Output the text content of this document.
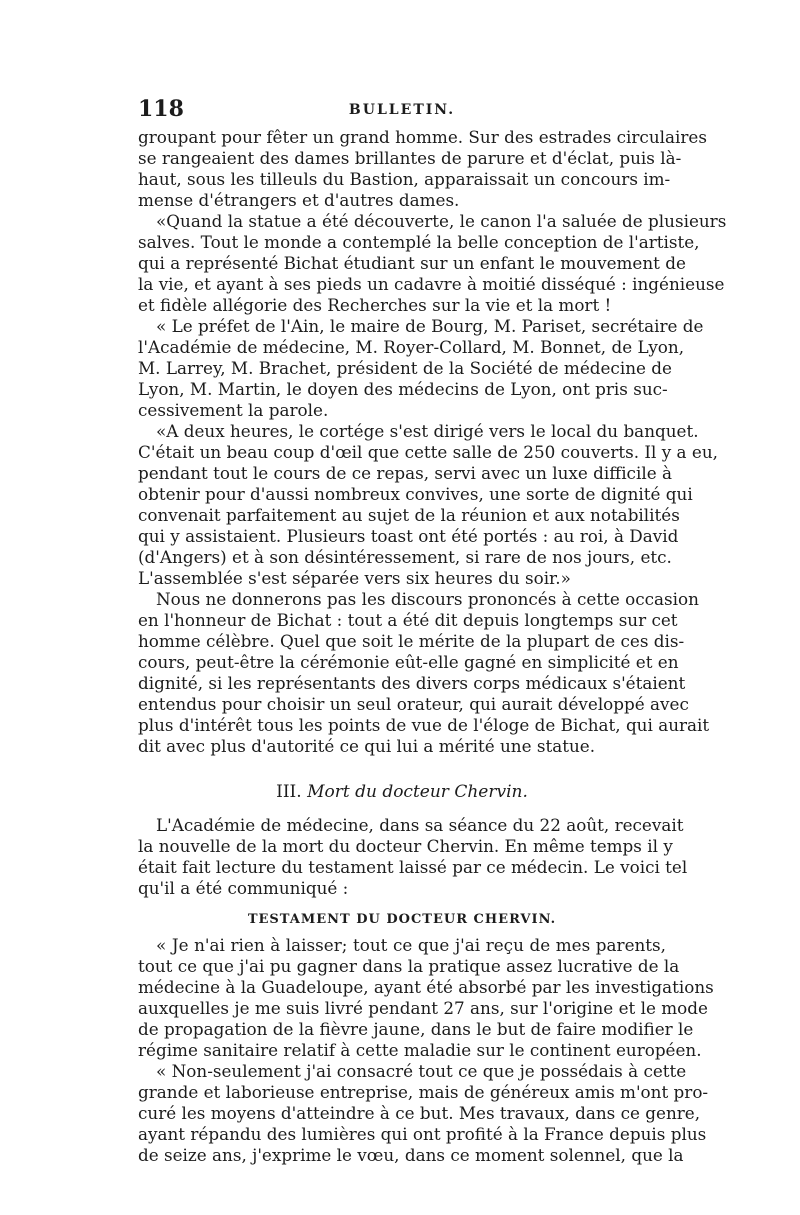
118	BULLETIN.
groupant pour fêter un grand homme. Sur des estrades circulaires
se rangeaient des dames brillantes de parure et d'éclat, puis là-
haut, sous les tilleuls du Bastion, apparaissait un concours im-
mense d'étrangers et d'autres dames.
«Quand la statue a été découverte, le canon l'a saluée de plusieurs
salves. Tout le monde a contemplé la belle conception de l'artiste,
qui a représenté Bichat étudiant sur un enfant le mouvement de
la vie, et ayant à ses pieds un cadavre à moitié disséqué : ingénieuse
et fidèle allégorie des Recherches sur la vie et la mort !
« Le préfet de l'Ain, le maire de Bourg, M. Pariset, secrétaire de
l'Académie de médecine, M. Royer-Collard, M. Bonnet, de Lyon,
M. Larrey, M. Brachet, président de la Société de médecine de
Lyon, M. Martin, le doyen des médecins de Lyon, ont pris suc-
cessivement la parole.
«A deux heures, le cortége s'est dirigé vers le local du banquet.
C'était un beau coup d'œil que cette salle de 250 couverts. Il y a eu,
pendant tout le cours de ce repas, servi avec un luxe difficile à
obtenir pour d'aussi nombreux convives, une sorte de dignité qui
convenait parfaitement au sujet de la réunion et aux notabilités
qui y assistaient. Plusieurs toast ont été portés : au roi, à David
(d'Angers) et à son désintéressement, si rare de nos jours, etc.
L'assemblée s'est séparée vers six heures du soir.»
Nous ne donnerons pas les discours prononcés à cette occasion
en l'honneur de Bichat : tout a été dit depuis longtemps sur cet
homme célèbre. Quel que soit le mérite de la plupart de ces dis-
cours, peut-être la cérémonie eût-elle gagné en simplicité et en
dignité, si les représentants des divers corps médicaux s'étaient
entendus pour choisir un seul orateur, qui aurait développé avec
plus d'intérêt tous les points de vue de l'éloge de Bichat, qui aurait
dit avec plus d'autorité ce qui lui a mérité une statue.
III. Mort du docteur Chervin.
L'Académie de médecine, dans sa séance du 22 août, recevait
la nouvelle de la mort du docteur Chervin. En même temps il y
était fait lecture du testament laissé par ce médecin. Le voici tel
qu'il a été communiqué :
TESTAMENT DU DOCTEUR CHERVIN.
« Je n'ai rien à laisser; tout ce que j'ai reçu de mes parents,
tout ce que j'ai pu gagner dans la pratique assez lucrative de la
médecine à la Guadeloupe, ayant été absorbé par les investigations
auxquelles je me suis livré pendant 27 ans, sur l'origine et le mode
de propagation de la fièvre jaune, dans le but de faire modifier le
régime sanitaire relatif à cette maladie sur le continent européen.
« Non-seulement j'ai consacré tout ce que je possédais à cette
grande et laborieuse entreprise, mais de généreux amis m'ont pro-
curé les moyens d'atteindre à ce but. Mes travaux, dans ce genre,
ayant répandu des lumières qui ont profité à la France depuis plus
de seize ans, j'exprime le vœu, dans ce moment solennel, que la
